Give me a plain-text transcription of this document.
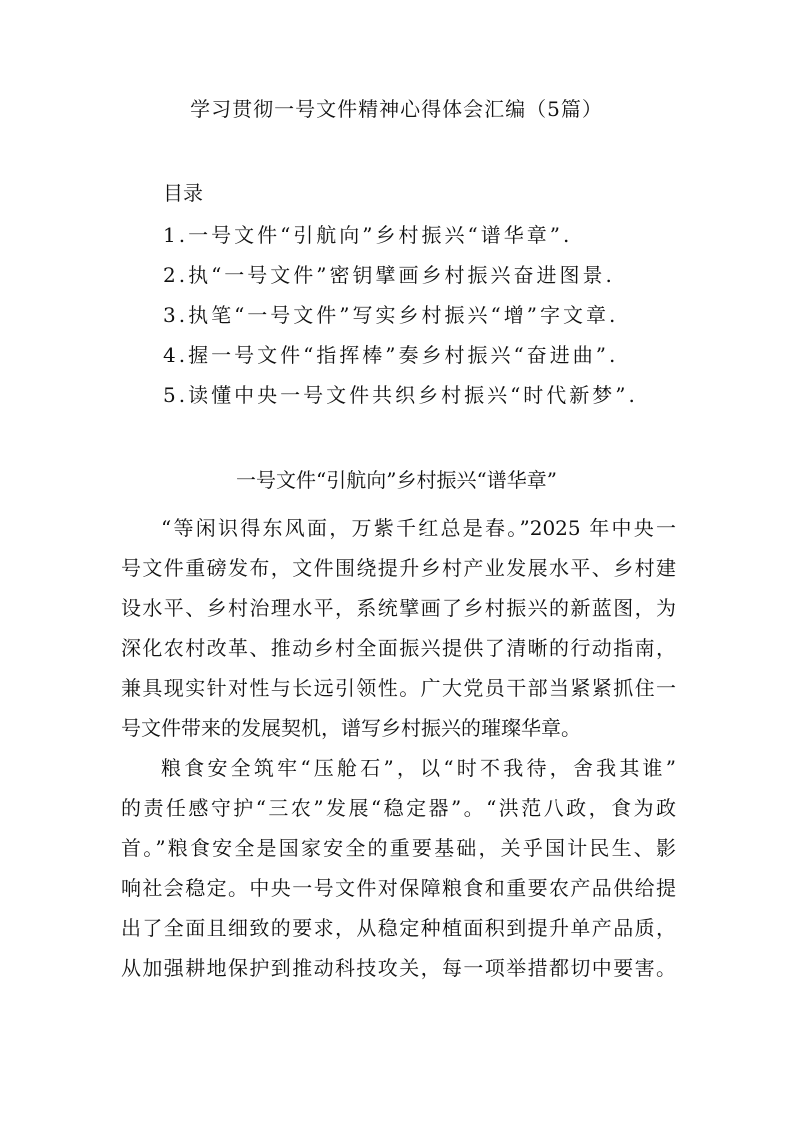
学习贯彻一号文件精神心得体会汇编（5篇）
目录
1.一号文件“引航向”乡村振兴“谱华章”.
2.执“一号文件”密钥擘画乡村振兴奋进图景.
3.执笔“一号文件”写实乡村振兴“增”字文章.
4.握一号文件“指挥棒”奏乡村振兴“奋进曲”.
5.读懂中央一号文件共织乡村振兴“时代新梦”.
一号文件“引航向”乡村振兴“谱华章”
“等闲识得东风面，万紫千红总是春。”2025 年中央一
号文件重磅发布，文件围绕提升乡村产业发展水平、乡村建
设水平、乡村治理水平，系统擘画了乡村振兴的新蓝图，为
深化农村改革、推动乡村全面振兴提供了清晰的行动指南，
兼具现实针对性与长远引领性。广大党员干部当紧紧抓住一
号文件带来的发展契机，谱写乡村振兴的璀璨华章。
粮食安全筑牢“压舱石”，以“时不我待，舍我其谁”
的责任感守护“三农”发展“稳定器”。“洪范八政，食为政
首。”粮食安全是国家安全的重要基础，关乎国计民生、影
响社会稳定。中央一号文件对保障粮食和重要农产品供给提
出了全面且细致的要求，从稳定种植面积到提升单产品质，
从加强耕地保护到推动科技攻关，每一项举措都切中要害。
